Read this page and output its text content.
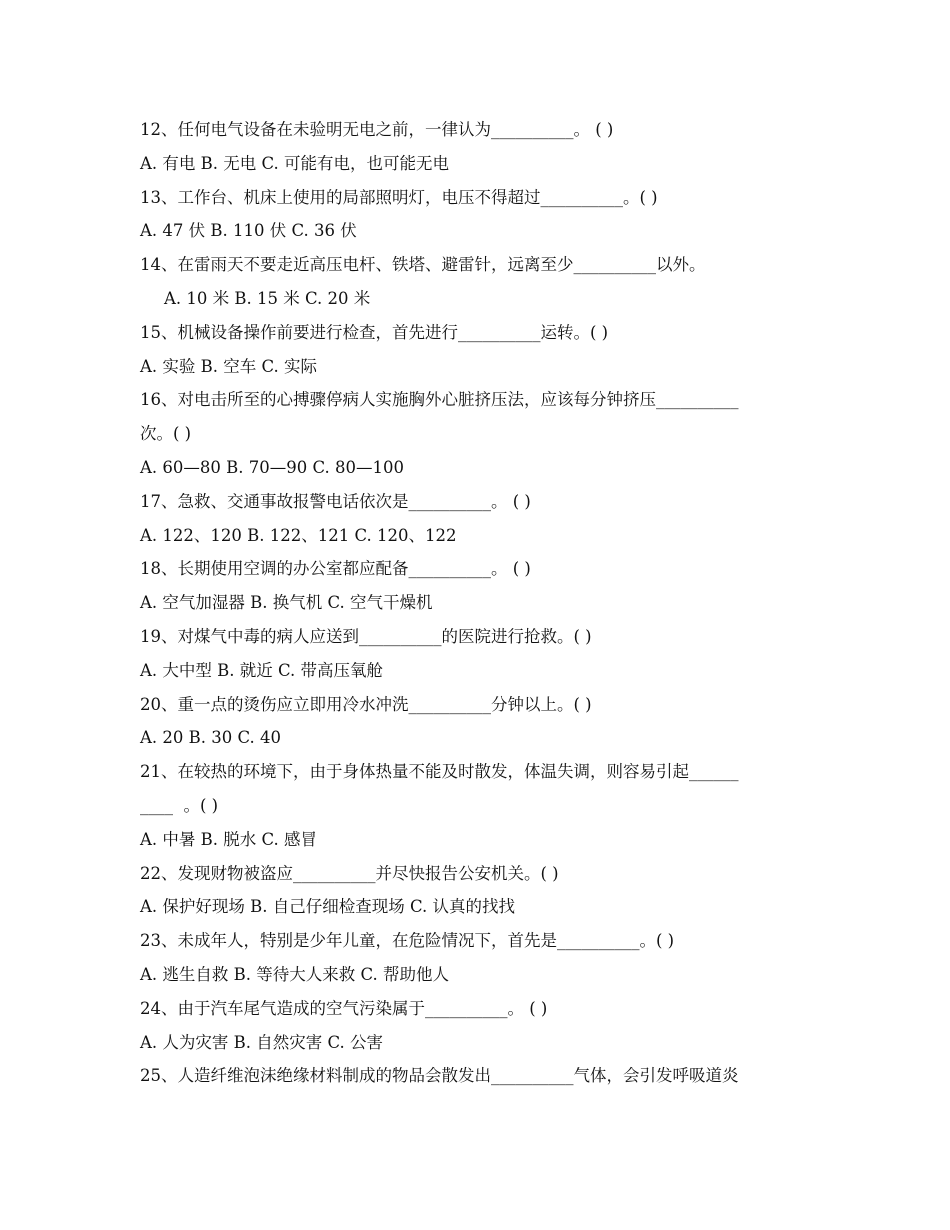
12、任何电气设备在未验明无电之前，一律认为__________。 ( )
A. 有电 B. 无电 C. 可能有电，也可能无电
13、工作台、机床上使用的局部照明灯，电压不得超过__________。( )
A. 47 伏 B. 110 伏 C. 36 伏
14、在雷雨天不要走近高压电杆、铁塔、避雷针，远离至少__________以外。
A. 10 米 B. 15 米 C. 20 米
15、机械设备操作前要进行检查，首先进行__________运转。( )
A. 实验 B. 空车 C. 实际
16、对电击所至的心搏骤停病人实施胸外心脏挤压法，应该每分钟挤压__________
次。( )
A. 60—80 B. 70—90 C. 80—100
17、急救、交通事故报警电话依次是__________。 ( )
A. 122、120 B. 122、121 C. 120、122
18、长期使用空调的办公室都应配备__________。 ( )
A. 空气加湿器 B. 换气机 C. 空气干燥机
19、对煤气中毒的病人应送到__________的医院进行抢救。( )
A. 大中型 B. 就近 C. 带高压氧舱
20、重一点的烫伤应立即用冷水冲洗__________分钟以上。( )
A. 20 B. 30 C. 40
21、在较热的环境下，由于身体热量不能及时散发，体温失调，则容易引起______
____  。( )
A. 中暑 B. 脱水 C. 感冒
22、发现财物被盗应__________并尽快报告公安机关。( )
A. 保护好现场 B. 自己仔细检查现场 C. 认真的找找
23、未成年人，特别是少年儿童，在危险情况下，首先是__________。( )
A. 逃生自救 B. 等待大人来救 C. 帮助他人
24、由于汽车尾气造成的空气污染属于__________。 ( )
A. 人为灾害 B. 自然灾害 C. 公害
25、人造纤维泡沫绝缘材料制成的物品会散发出__________气体，会引发呼吸道炎
